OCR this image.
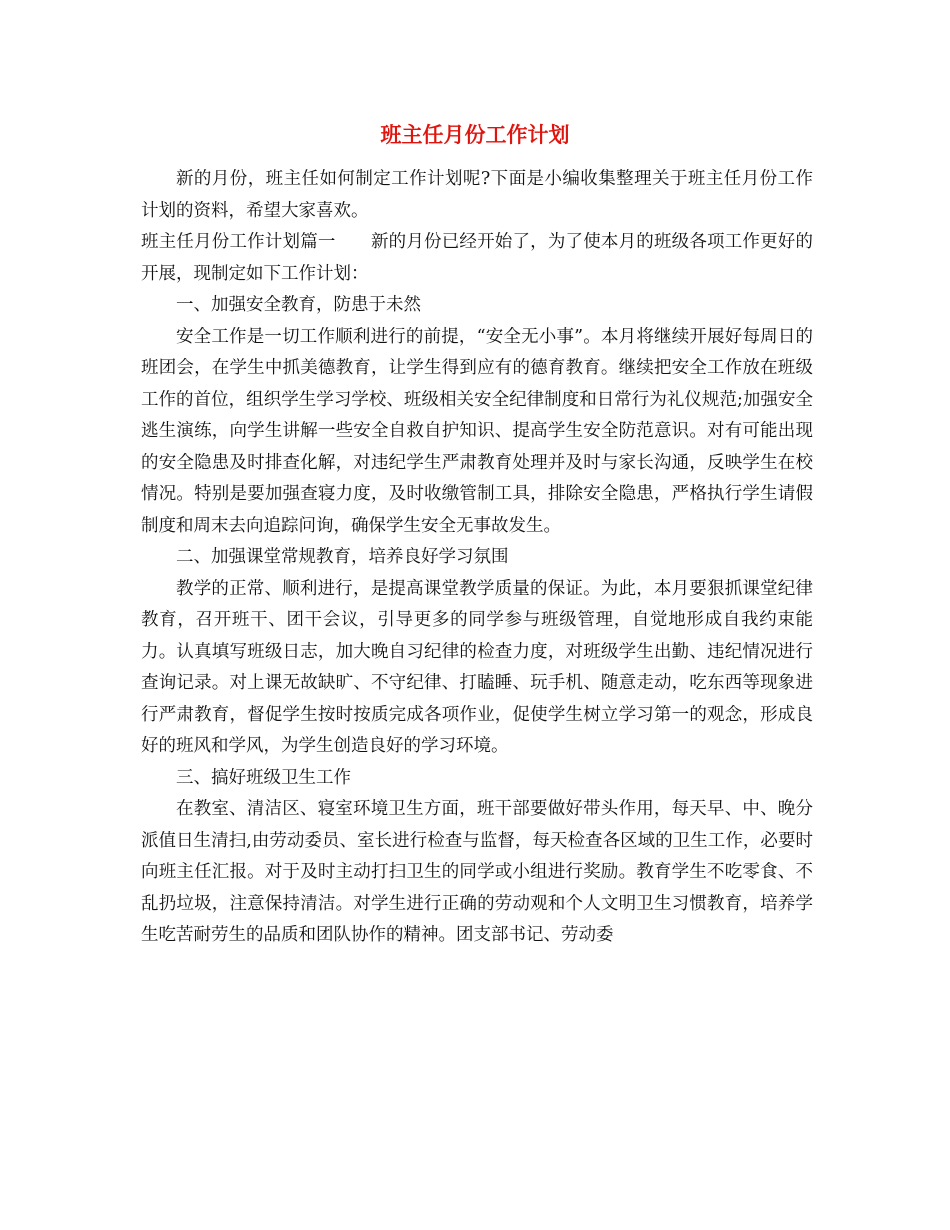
班主任月份工作计划

新的月份，班主任如何制定工作计划呢?下面是小编收集整理关于班主任月份工作计划的资料，希望大家喜欢。

班主任月份工作计划篇一　　新的月份已经开始了，为了使本月的班级各项工作更好的开展，现制定如下工作计划：

一、加强安全教育，防患于未然

安全工作是一切工作顺利进行的前提，“安全无小事”。本月将继续开展好每周日的班团会，在学生中抓美德教育，让学生得到应有的德育教育。继续把安全工作放在班级工作的首位，组织学生学习学校、班级相关安全纪律制度和日常行为礼仪规范;加强安全逃生演练，向学生讲解一些安全自救自护知识、提高学生安全防范意识。对有可能出现的安全隐患及时排查化解，对违纪学生严肃教育处理并及时与家长沟通，反映学生在校情况。特别是要加强查寝力度，及时收缴管制工具，排除安全隐患，严格执行学生请假制度和周末去向追踪问询，确保学生安全无事故发生。

二、加强课堂常规教育，培养良好学习氛围

教学的正常、顺利进行，是提高课堂教学质量的保证。为此，本月要狠抓课堂纪律教育，召开班干、团干会议，引导更多的同学参与班级管理，自觉地形成自我约束能力。认真填写班级日志，加大晚自习纪律的检查力度，对班级学生出勤、违纪情况进行查询记录。对上课无故缺旷、不守纪律、打瞌睡、玩手机、随意走动，吃东西等现象进行严肃教育，督促学生按时按质完成各项作业，促使学生树立学习第一的观念，形成良好的班风和学风，为学生创造良好的学习环境。

三、搞好班级卫生工作

在教室、清洁区、寝室环境卫生方面，班干部要做好带头作用，每天早、中、晚分派值日生清扫,由劳动委员、室长进行检查与监督，每天检查各区域的卫生工作，必要时向班主任汇报。对于及时主动打扫卫生的同学或小组进行奖励。教育学生不吃零食、不乱扔垃圾，注意保持清洁。对学生进行正确的劳动观和个人文明卫生习惯教育，培养学生吃苦耐劳生的品质和团队协作的精神。团支部书记、劳动委
